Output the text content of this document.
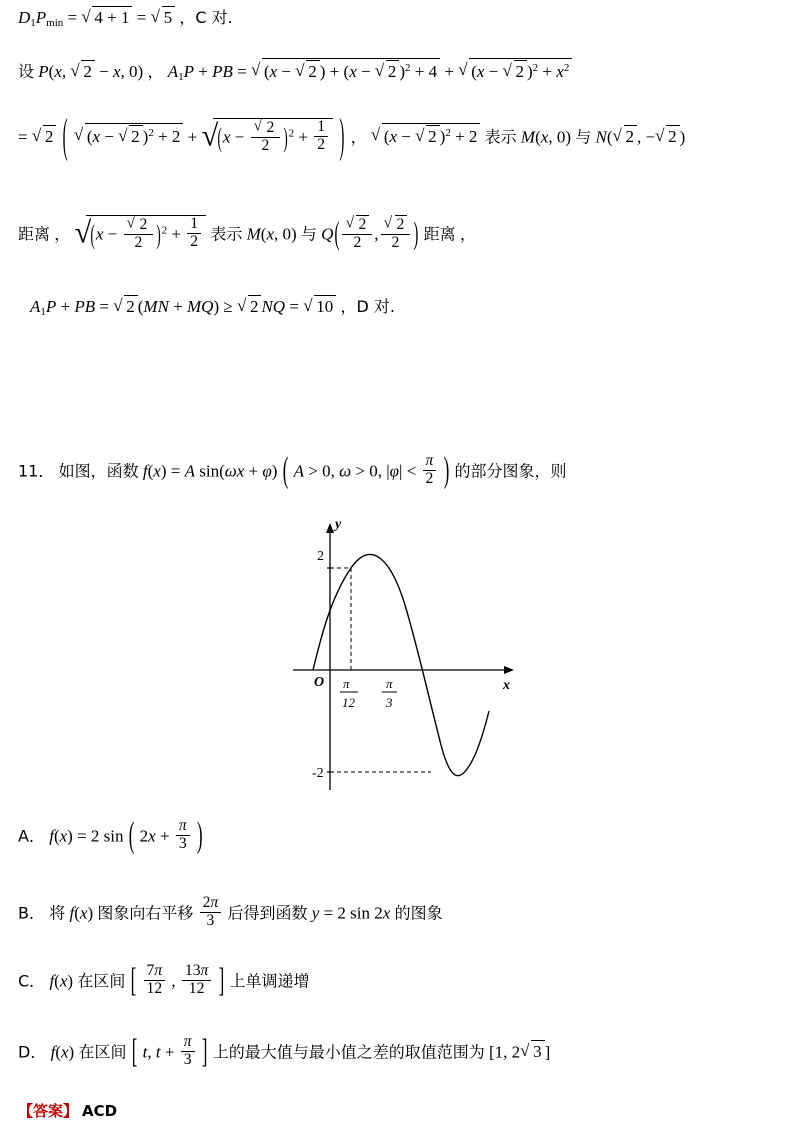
$D_1P_{min}$ = √ 4 + 1 = √ 5 ，C 对.
设 P(x, √ 2 − x, 0) ， $A_1P$ + PB = √ (x − √ 2 ) + (x − √ 2 )$^2$ + 4 + √ (x − √ 2 )$^2 + x^2$
= √ 2 ( √ (x − √ 2 )$^2$ + 2 + √ $(x - \frac{√ 2}{2} )^2 + \frac{1}{2}$ ) ， √ (x − √ 2 )$^2$ + 2 表示 M(x, 0) 与 N( √ 2 , − √ 2 )
距离 ， √ $(x - \frac{√ 2}{2} )^2 + \frac{1}{2}$ 表示 M(x, 0) 与 $Q( \frac{√ 2}{2}$ , $\frac{√ 2}{2}$ ) 距离 ，
$A_1P$ + PB = √ 2 (MN + MQ) ≥ √ 2 NQ = √ 10 ，D 对.
11． 如图，函数 f(x) = A sin(ωx + φ) ( A > 0, ω > 0, $|\varphi| < \frac{\pi}{2}$ ) 的部分图象，则
2
-2
O
y
x
π
12
π
3
A． f(x) = 2 sin ( $2x + \frac{\pi}{3}$ )
B． 将 f(x) 图象向右平移 $\frac{2\pi}{3}$ 后得到函数 y = 2 sin 2x 的图象
C． f(x) 在区间 [ $\frac{7\pi}{12}$ , $\frac{13\pi}{12}$ ] 上单调递增
D． f(x) 在区间 [ t, $t + \frac{\pi}{3}$ ] 上的最大值与最小值之差的取值范围为 [1, 2 √ 3 ]
【答案】 ACD
